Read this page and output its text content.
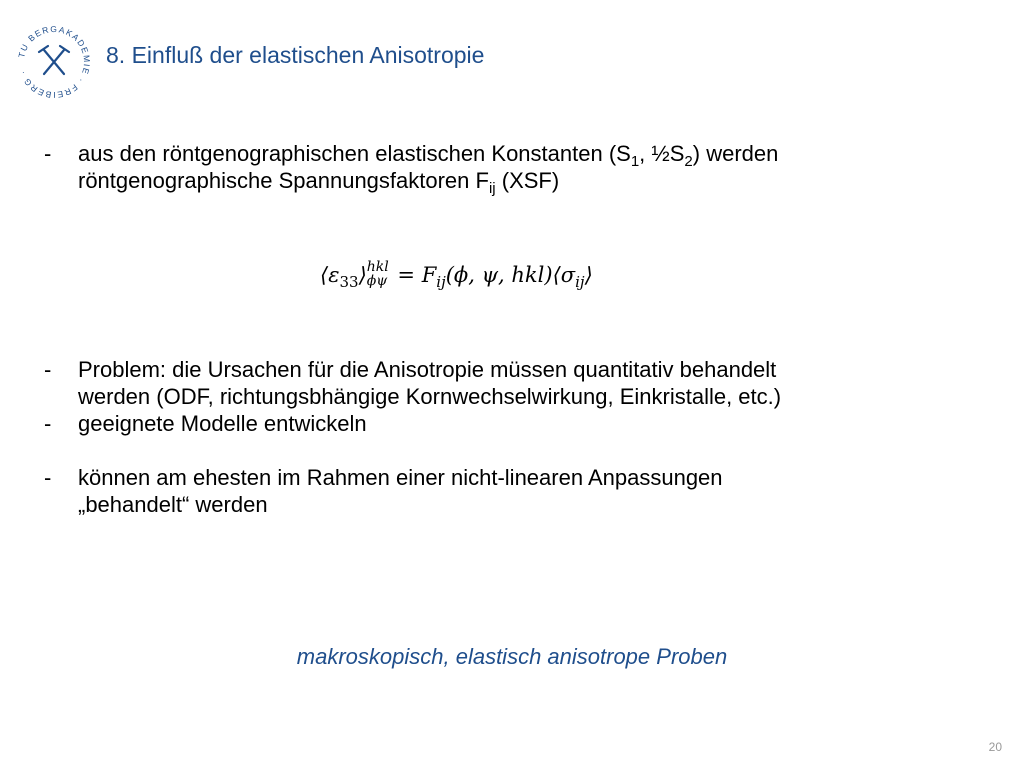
TU BERGAKADEMIE · FREIBERG ·
8. Einfluß der elastischen Anisotropie
- aus den röntgenographischen elastischen Konstanten ($S_1$, $\frac{1}{2}S_2$) werden
röntgenographische Spannungsfaktoren $F_{ij}$ (XSF)
$⟨\varepsilon_{33}⟩$ hkl
$\phi\psi = F_{ij}(\phi$, ψ, $hkl)⟨\sigma_{ij}⟩$
- Problem: die Ursachen für die Anisotropie müssen quantitativ behandelt
werden (ODF, richtungsbhängige Kornwechselwirkung, Einkristalle, etc.)
- geeignete Modelle entwickeln
- können am ehesten im Rahmen einer nicht-linearen Anpassungen
„behandelt“ werden
makroskopisch, elastisch anisotrope Proben
20
